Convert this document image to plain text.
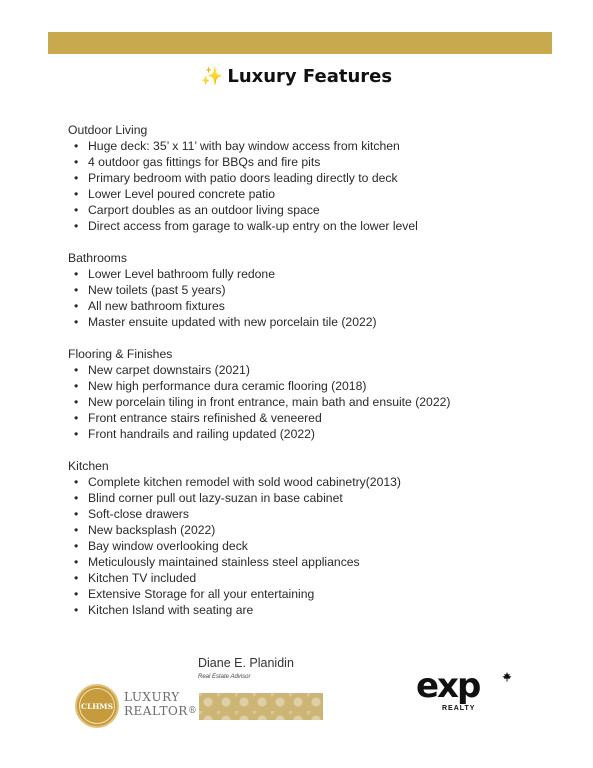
✨ Luxury Features
Outdoor Living
• Huge deck: 35’ x 11’ with bay window access from kitchen
• 4 outdoor gas fittings for BBQs and fire pits
• Primary bedroom with patio doors leading directly to deck
• Lower Level poured concrete patio
• Carport doubles as an outdoor living space
• Direct access from garage to walk-up entry on the lower level
Bathrooms
• Lower Level bathroom fully redone
• New toilets (past 5 years)
• All new bathroom fixtures
• Master ensuite updated with new porcelain tile (2022)
Flooring & Finishes
• New carpet downstairs (2021)
• New high performance dura ceramic flooring (2018)
• New porcelain tiling in front entrance, main bath and ensuite (2022)
• Front entrance stairs refinished & veneered
• Front handrails and railing updated (2022)
Kitchen
• Complete kitchen remodel with sold wood cabinetry(2013)
• Blind corner pull out lazy-suzan in base cabinet
• Soft-close drawers
• New backsplash (2022)
• Bay window overlooking deck
• Meticulously maintained stainless steel appliances
• Kitchen TV included
• Extensive Storage for all your entertaining
• Kitchen Island with seating are
Diane E. Planidin
Real Estate Advisor
CLHMS
LUXURY
REALTOR®
exp
REALTY
